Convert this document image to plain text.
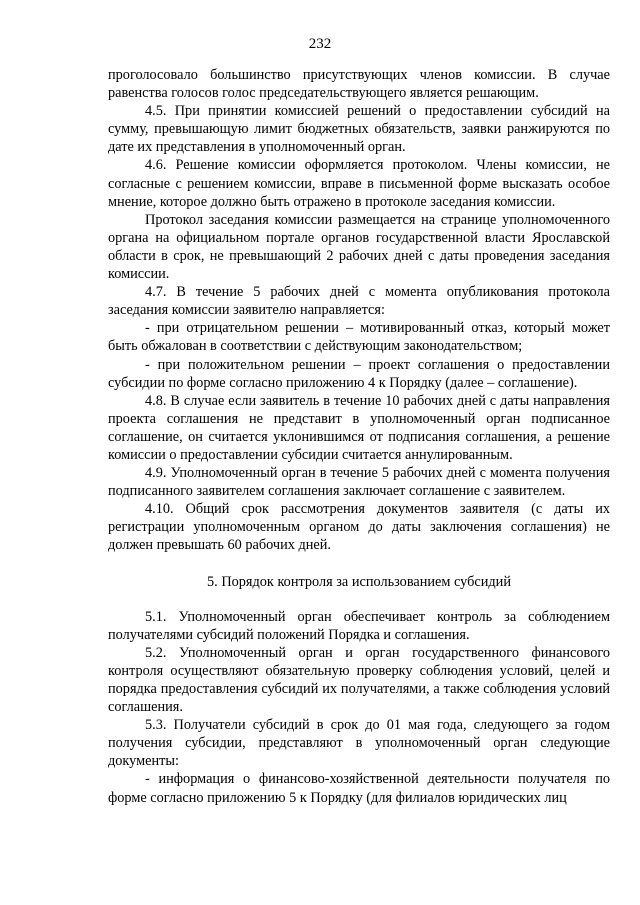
232

проголосовало большинство присутствующих членов комиссии. В случае равенства голосов голос председательствующего является решающим.

4.5. При принятии комиссией решений о предоставлении субсидий на сумму, превышающую лимит бюджетных обязательств, заявки ранжируются по дате их представления в уполномоченный орган.

4.6. Решение комиссии оформляется протоколом. Члены комиссии, не согласные с решением комиссии, вправе в письменной форме высказать особое мнение, которое должно быть отражено в протоколе заседания комиссии.

Протокол заседания комиссии размещается на странице уполномоченного органа на официальном портале органов государственной власти Ярославской области в срок, не превышающий 2 рабочих дней с даты проведения заседания комиссии.

4.7. В течение 5 рабочих дней с момента опубликования протокола заседания комиссии заявителю направляется:

- при отрицательном решении – мотивированный отказ, который может быть обжалован в соответствии с действующим законодательством;

- при положительном решении – проект соглашения о предоставлении субсидии по форме согласно приложению 4 к Порядку (далее – соглашение).

4.8. В случае если заявитель в течение 10 рабочих дней с даты направления проекта соглашения не представит в уполномоченный орган подписанное соглашение, он считается уклонившимся от подписания соглашения, а решение комиссии о предоставлении субсидии считается аннулированным.

4.9. Уполномоченный орган в течение 5 рабочих дней с момента получения подписанного заявителем соглашения заключает соглашение с заявителем.

4.10. Общий срок рассмотрения документов заявителя (с даты их регистрации уполномоченным органом до даты заключения соглашения) не должен превышать 60 рабочих дней.

5. Порядок контроля за использованием субсидий

5.1. Уполномоченный орган обеспечивает контроль за соблюдением получателями субсидий положений Порядка и соглашения.

5.2. Уполномоченный орган и орган государственного финансового контроля осуществляют обязательную проверку соблюдения условий, целей и порядка предоставления субсидий их получателями, а также соблюдения условий соглашения.

5.3. Получатели субсидий в срок до 01 мая года, следующего за годом получения субсидии, представляют в уполномоченный орган следующие документы:

- информация о финансово-хозяйственной деятельности получателя по форме согласно приложению 5 к Порядку (для филиалов юридических лиц
